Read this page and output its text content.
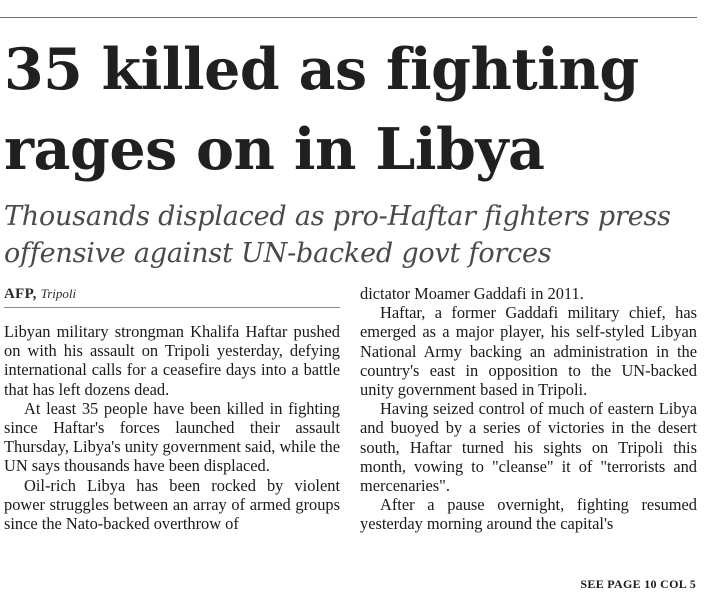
35 killed as fighting
rages on in Libya
Thousands displaced as pro-Haftar fighters press
offensive against UN-backed govt forces
AFP, Tripoli

Libyan military strongman Khalifa Haftar pushed on with his assault on Tripoli yesterday, defying international calls for a ceasefire days into a battle that has left dozens dead.

At least 35 people have been killed in fighting since Haftar's forces launched their assault Thursday, Libya's unity government said, while the UN says thousands have been displaced.

Oil-rich Libya has been rocked by violent power struggles between an array of armed groups since the Nato-backed overthrow of

dictator Moamer Gaddafi in 2011.

Haftar, a former Gaddafi military chief, has emerged as a major player, his self-styled Libyan National Army backing an administration in the country's east in opposition to the UN-backed unity government based in Tripoli.

Having seized control of much of eastern Libya and buoyed by a series of victories in the desert south, Haftar turned his sights on Tripoli this month, vowing to "cleanse" it of "terrorists and mercenaries".

After a pause overnight, fighting resumed yesterday morning around the capital's

SEE PAGE 10 COL 5
